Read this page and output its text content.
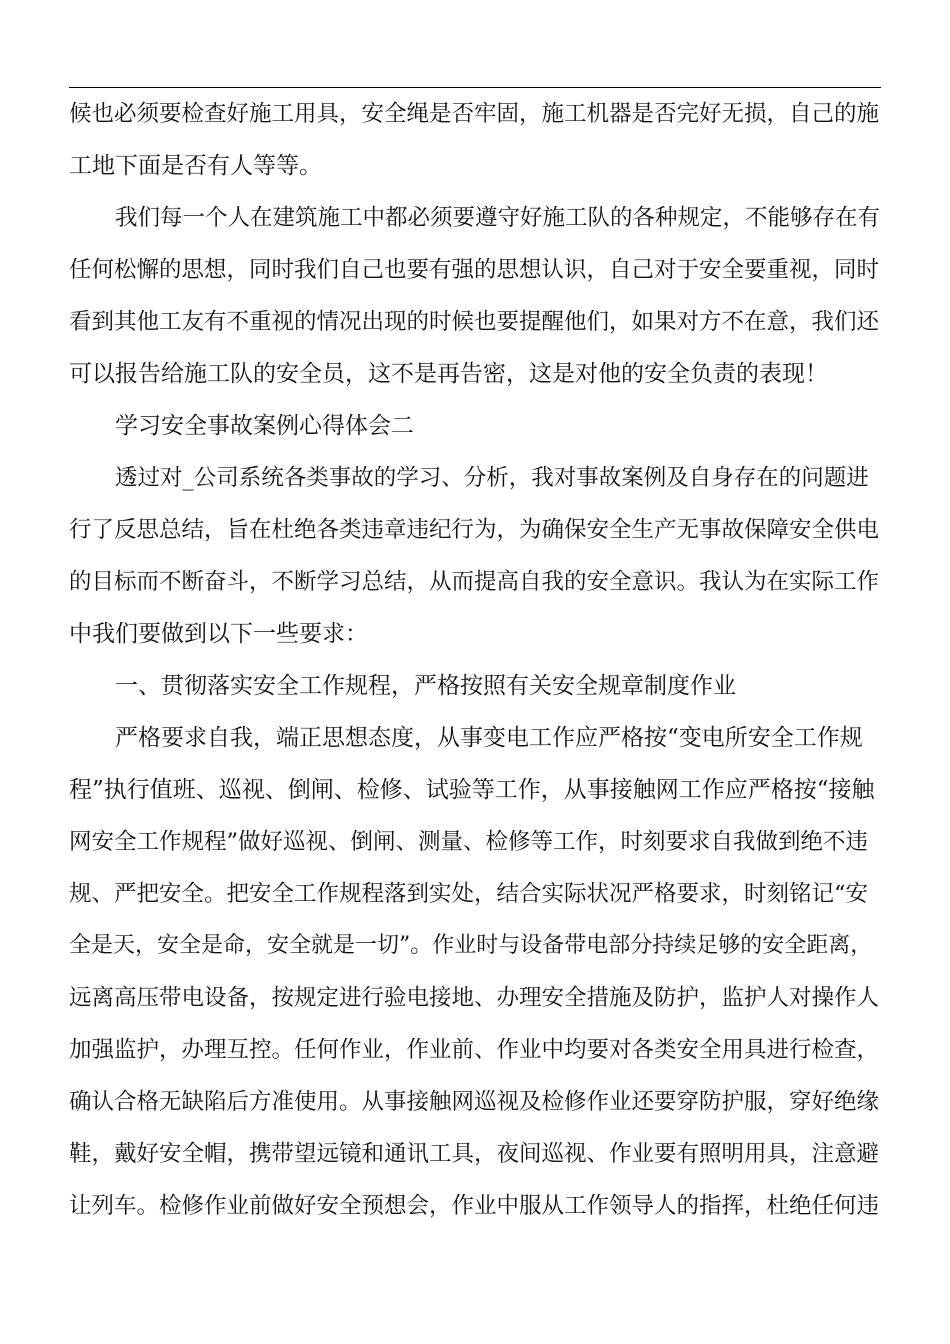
候也必须要检查好施工用具，安全绳是否牢固，施工机器是否完好无损，自己的施
工地下面是否有人等等。
我们每一个人在建筑施工中都必须要遵守好施工队的各种规定，不能够存在有
任何松懈的思想，同时我们自己也要有强的思想认识，自己对于安全要重视，同时
看到其他工友有不重视的情况出现的时候也要提醒他们，如果对方不在意，我们还
可以报告给施工队的安全员，这不是再告密，这是对他的安全负责的表现！
学习安全事故案例心得体会二
透过对_公司系统各类事故的学习、分析，我对事故案例及自身存在的问题进
行了反思总结，旨在杜绝各类违章违纪行为，为确保安全生产无事故保障安全供电
的目标而不断奋斗，不断学习总结，从而提高自我的安全意识。我认为在实际工作
中我们要做到以下一些要求：
一、贯彻落实安全工作规程，严格按照有关安全规章制度作业
严格要求自我，端正思想态度，从事变电工作应严格按“变电所安全工作规
程”执行值班、巡视、倒闸、检修、试验等工作，从事接触网工作应严格按“接触
网安全工作规程”做好巡视、倒闸、测量、检修等工作，时刻要求自我做到绝不违
规、严把安全。把安全工作规程落到实处，结合实际状况严格要求，时刻铭记“安
全是天，安全是命，安全就是一切”。作业时与设备带电部分持续足够的安全距离，
远离高压带电设备，按规定进行验电接地、办理安全措施及防护，监护人对操作人
加强监护，办理互控。任何作业，作业前、作业中均要对各类安全用具进行检查，
确认合格无缺陷后方准使用。从事接触网巡视及检修作业还要穿防护服，穿好绝缘
鞋，戴好安全帽，携带望远镜和通讯工具，夜间巡视、作业要有照明用具，注意避
让列车。检修作业前做好安全预想会，作业中服从工作领导人的指挥，杜绝任何违
